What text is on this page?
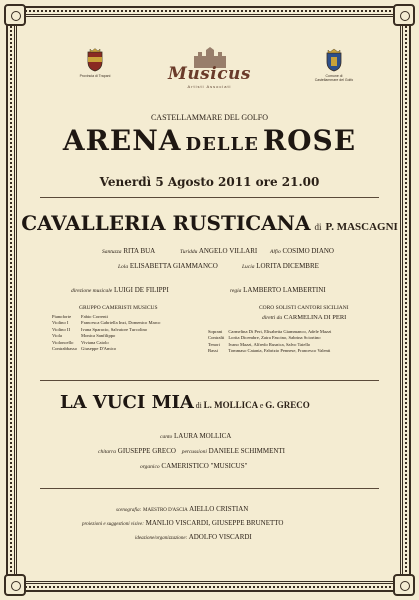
Provincia di Trapani	Comune di Castellammare del Golfo
Musicus
Artisti Associati
CASTELLAMMARE DEL GOLFO
ARENA DELLE ROSE
Venerdì 5 Agosto 2011 ore 21.00
CAVALLERIA RUSTICANA di P. MASCAGNI
Santuzza RITA BUA	Turiddu ANGELO VILLARI Alfio COSIMO DIANO
Lola ELISABETTA GIAMMANCO	Lucia LORITA DICEMBRE
direzione musicale LUIGI DE FILIPPI	regia LAMBERTO LAMBERTINI
GRUPPO CAMERISTI MUSICUS	CORO SOLISTI CANTORI SICILIANI
diretti da CARMELINA DI PERI
Pianoforte	Fabio Correnti
Violino I	Francesca Gabriella Inzi, Domenico Marco
Violino II	Ivana Sparacio, Salvatore Turcolino
Viola	Monica Sanfilippo
Violoncello	Viviana Caiolo
Contrabbasso	Giuseppe D'Amico
Soprani	Carmelina Di Peri, Elisabetta Giammanco, Adele Mazzi
Contralti	Lorita Dicembre, Zaira Fascino, Sabrina Sciortino
Tenori	Ivano Mazzi, Alfredo Rusnica, Salvo Taiello
Bassi	Tommaso Catania, Fabrizio Pennese, Francesco Valenti
LA VUCI MIA di L. MOLLICA e G. GRECO
canto LAURA MOLLICA
chitarra GIUSEPPE GRECO percussioni DANIELE SCHIMMENTI
organico CAMERISTICO "MUSICUS"
scenografia: MAESTRO D'ASCIA AIELLO CRISTIAN
proiezioni e suggestioni visive: MANLIO VISCARDI, GIUSEPPE BRUNETTO
ideazione/organizzazione: ADOLFO VISCARDI
